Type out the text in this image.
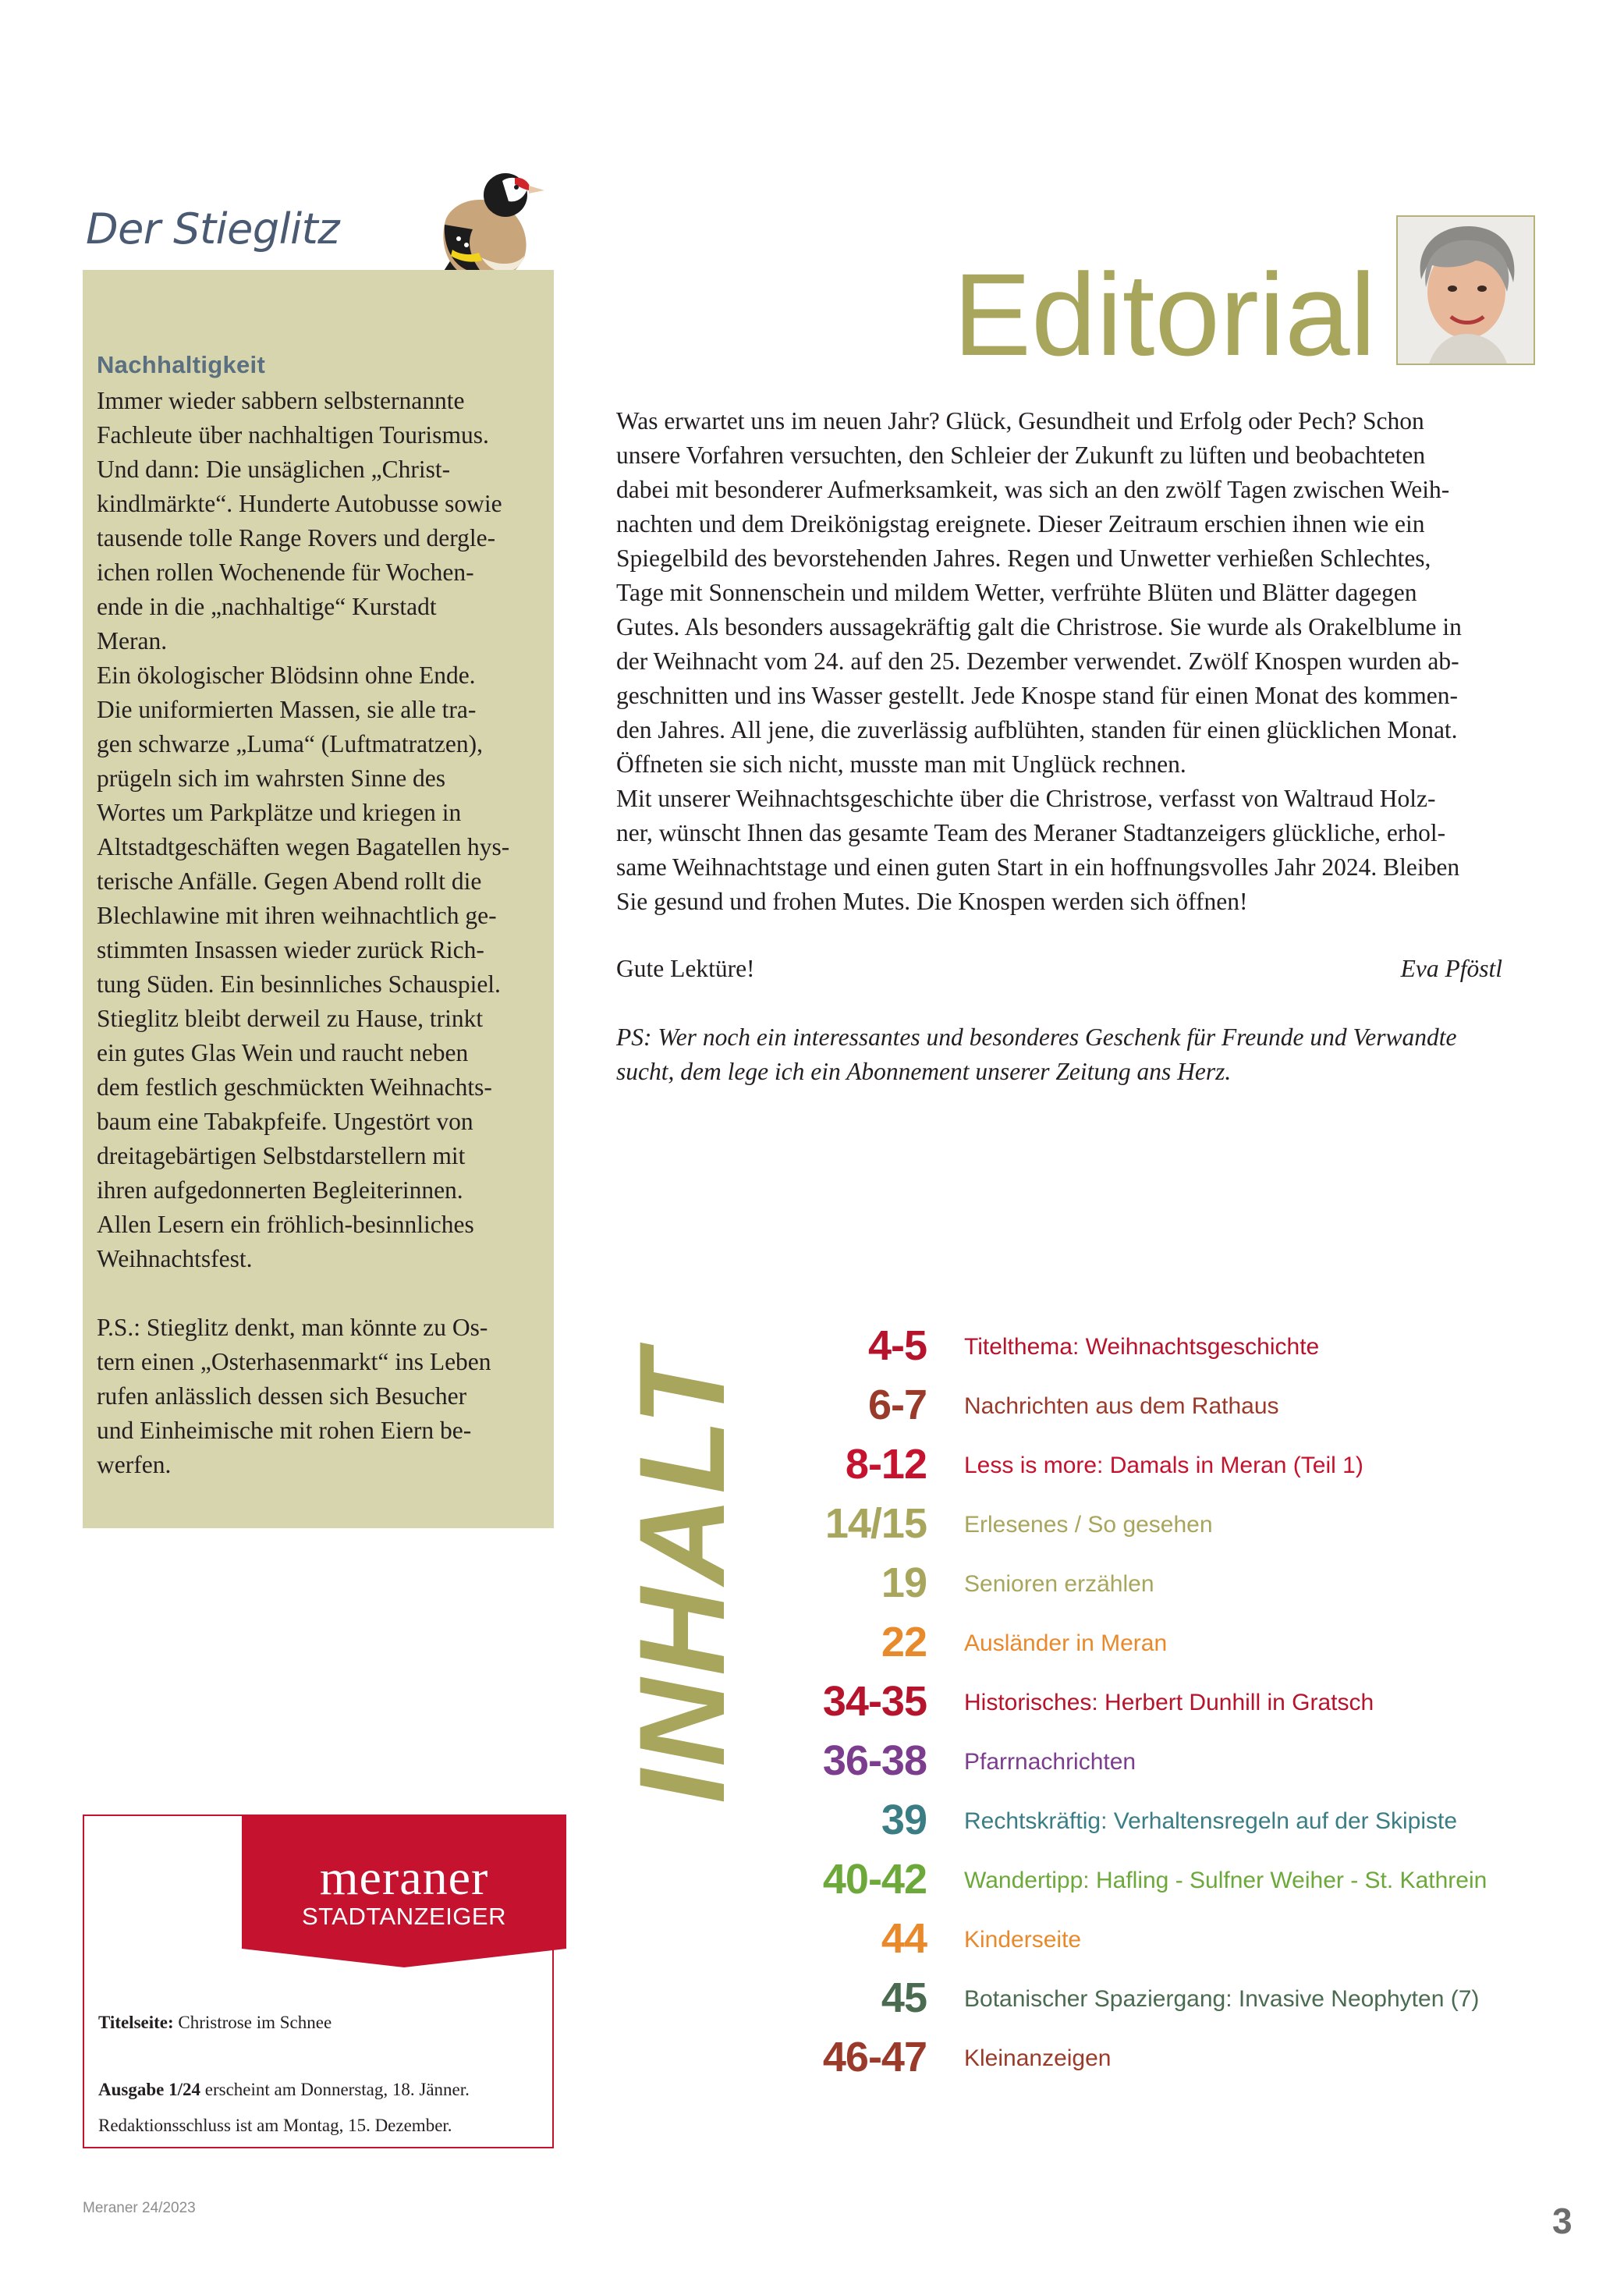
Der Stieglitz
Nachhaltigkeit

Immer wieder sabbern selbsternannte
Fachleute über nachhaltigen Tourismus.
Und dann: Die unsäglichen „Christ-
kindlmärkte“. Hunderte Autobusse sowie
tausende tolle Range Rovers und dergle-
ichen rollen Wochenende für Wochen-
ende in die „nachhaltige“ Kurstadt
Meran.

Ein ökologischer Blödsinn ohne Ende.
Die uniformierten Massen, sie alle tra-
gen schwarze „Luma“ (Luftmatratzen),
prügeln sich im wahrsten Sinne des
Wortes um Parkplätze und kriegen in
Altstadtgeschäften wegen Bagatellen hys-
terische Anfälle. Gegen Abend rollt die
Blechlawine mit ihren weihnachtlich ge-
stimmten Insassen wieder zurück Rich-
tung Süden. Ein besinnliches Schauspiel.
Stieglitz bleibt derweil zu Hause, trinkt
ein gutes Glas Wein und raucht neben
dem festlich geschmückten Weihnachts-
baum eine Tabakpfeife. Ungestört von
dreitagebärtigen Selbstdarstellern mit
ihren aufgedonnerten Begleiterinnen.
Allen Lesern ein fröhlich-besinnliches
Weihnachtsfest.

P.S.: Stieglitz denkt, man könnte zu Os-
tern einen „Osterhasenmarkt“ ins Leben
rufen anlässlich dessen sich Besucher
und Einheimische mit rohen Eiern be-
werfen.

Editorial

Was erwartet uns im neuen Jahr? Glück, Gesundheit und Erfolg oder Pech? Schon
unsere Vorfahren versuchten, den Schleier der Zukunft zu lüften und beobachteten
dabei mit besonderer Aufmerksamkeit, was sich an den zwölf Tagen zwischen Weih-
nachten und dem Dreikönigstag ereignete. Dieser Zeitraum erschien ihnen wie ein
Spiegelbild des bevorstehenden Jahres. Regen und Unwetter verhießen Schlechtes,
Tage mit Sonnenschein und mildem Wetter, verfrühte Blüten und Blätter dagegen
Gutes. Als besonders aussagekräftig galt die Christrose. Sie wurde als Orakelblume in
der Weihnacht vom 24. auf den 25. Dezember verwendet. Zwölf Knospen wurden ab-
geschnitten und ins Wasser gestellt. Jede Knospe stand für einen Monat des kommen-
den Jahres. All jene, die zuverlässig aufblühten, standen für einen glücklichen Monat.
Öffneten sie sich nicht, musste man mit Unglück rechnen.

Mit unserer Weihnachtsgeschichte über die Christrose, verfasst von Waltraud Holz-
ner, wünscht Ihnen das gesamte Team des Meraner Stadtanzeigers glückliche, erhol-
same Weihnachtstage und einen guten Start in ein hoffnungsvolles Jahr 2024. Bleiben
Sie gesund und frohen Mutes. Die Knospen werden sich öffnen!

Gute Lektüre!	Eva Pföstl

PS: Wer noch ein interessantes und besonderes Geschenk für Freunde und Verwandte
sucht, dem lege ich ein Abonnement unserer Zeitung ans Herz.

INHALT
4-5 Titelthema: Weihnachtsgeschichte
6-7 Nachrichten aus dem Rathaus
8-12 Less is more: Damals in Meran (Teil 1)
14/15 Erlesenes / So gesehen
19 Senioren erzählen
22 Ausländer in Meran
34-35 Historisches: Herbert Dunhill in Gratsch
36-38 Pfarrnachrichten
39 Rechtskräftig: Verhaltensregeln auf der Skipiste
40-42 Wandertipp: Hafling - Sulfner Weiher - St. Kathrein
44 Kinderseite
45 Botanischer Spaziergang: Invasive Neophyten (7)
46-47 Kleinanzeigen
meraner
STADTANZEIGER
Titelseite: Christrose im Schnee
Ausgabe 1/24 erscheint am Donnerstag, 18. Jänner.
Redaktionsschluss ist am Montag, 15. Dezember.
Meraner 24/2023	3
